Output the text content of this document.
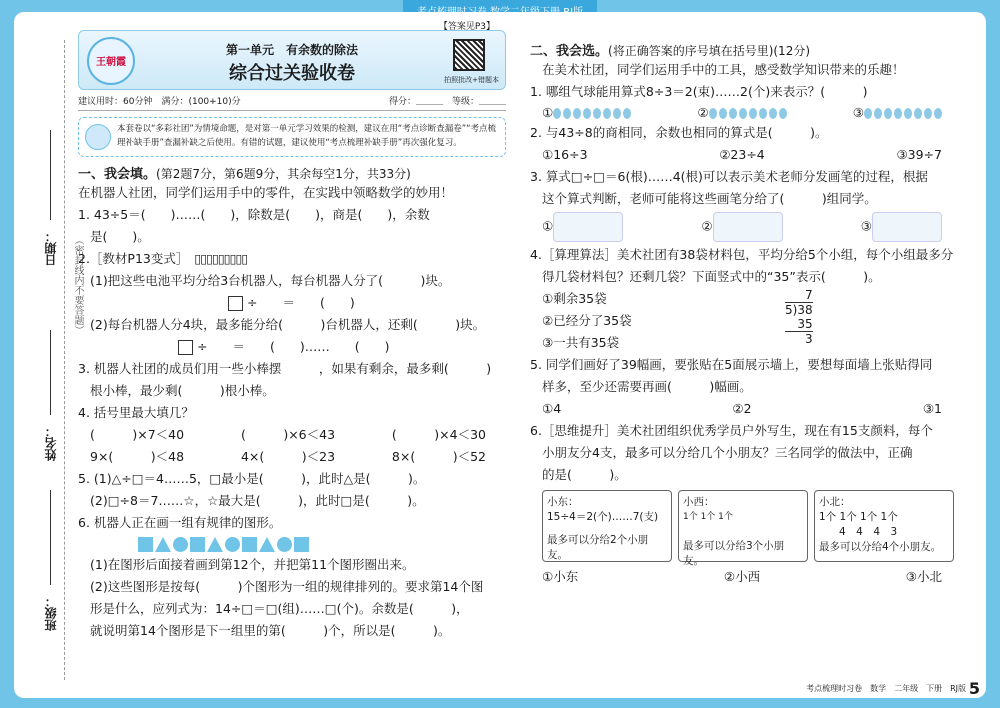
日期：
姓名：
班级：
（密封线内不要答题）
王朝霞
【答案见P3】
第一单元　有余数的除法
综合过关验收卷	拍照批改+错题本
建议用时：60分钟　满分：(100+10)分	得分：＿＿＿　等级：＿＿＿
本套卷以“多彩社团”为情境命题，是对第一单元学习效果的检测，建议在用“考点诊断查漏卷”“考点梳理补缺手册”查漏补缺之后使用。有错的试题，建议使用“考点梳理补缺手册”再次强化复习。
一、我会填。(第2题7分，第6题9分，其余每空1分，共33分)

在机器人社团，同学们运用手中的零件，在实践中领略数学的妙用！

1. 43÷5＝(　　)……(　　)，除数是(　　)，商是(　　)，余数

是(　　)。

2.［教材P13变式］ ▯▯▯▯▯▯▯▯▯

(1)把这些电池平均分给3台机器人，每台机器人分了(　　　)块。

÷　　＝　　(　　)

(2)每台机器人分4块，最多能分给(　　　)台机器人，还剩(　　　)块。

÷　　＝　　(　　)……　　(　　)

3. 机器人社团的成员们用一些小棒摆　　　，如果有剩余，最多剩(　　　)

根小棒，最少剩(　　　)根小棒。

4. 括号里最大填几？

(　　　)×7＜40	(　　　)×6＜43	(　　　)×4＜30
9×(　　　)＜48	4×(　　　)＜23	8×(　　　)＜52

5. (1)△÷□＝4……5，□最小是(　　　)，此时△是(　　　)。

(2)□÷8＝7……☆，☆最大是(　　　)，此时□是(　　　)。

6. 机器人正在画一组有规律的图形。

(1)在图形后面接着画到第12个，并把第11个图形圈出来。

(2)这些图形是按每(　　　)个图形为一组的规律排列的。要求第14个图

形是什么，应列式为：14÷□＝□(组)……□(个)。余数是(　　　)，

就说明第14个图形是下一组里的第(　　　)个，所以是(　　　)。

二、我会选。(将正确答案的序号填在括号里)(12分)

在美术社团，同学们运用手中的工具，感受数学知识带来的乐趣！

1. 哪组气球能用算式8÷3＝2(束)……2(个)来表示？(　　　)

①	②	③

2. 与43÷8的商相同，余数也相同的算式是(　　　)。

①16÷3	②23÷4	③39÷7

3. 算式□÷□＝6(根)……4(根)可以表示美术老师分发画笔的过程，根据

这个算式判断，老师可能将这些画笔分给了(　　　)组同学。

①	②	③

4.［算理算法］美术社团有38袋材料包，平均分给5个小组，每个小组最多分

得几袋材料包？还剩几袋？下面竖式中的“35”表示(　　　)。

①剩余35袋

②已经分了35袋

③一共有35袋

7
5)38
35
3

5. 同学们画好了39幅画，要张贴在5面展示墙上，要想每面墙上张贴得同

样多，至少还需要再画(　　　)幅画。

①4	②2	③1

6.［思维提升］美术社团组织优秀学员户外写生，现在有15支颜料，每个

小朋友分4支，最多可以分给几个小朋友？三名同学的做法中，正确

的是(　　　)。

小东：
15÷4＝2(个)……7(支)
最多可以分给2个小朋友。
小西：
1个 1个 1个
最多可以分给3个小朋友。
小北：
1个 1个 1个 1个
4　4　4　3
最多可以分给4个小朋友。
①小东	②小西	③小北
考点梳理时习卷　数学　二年级　下册　RJ版 5
